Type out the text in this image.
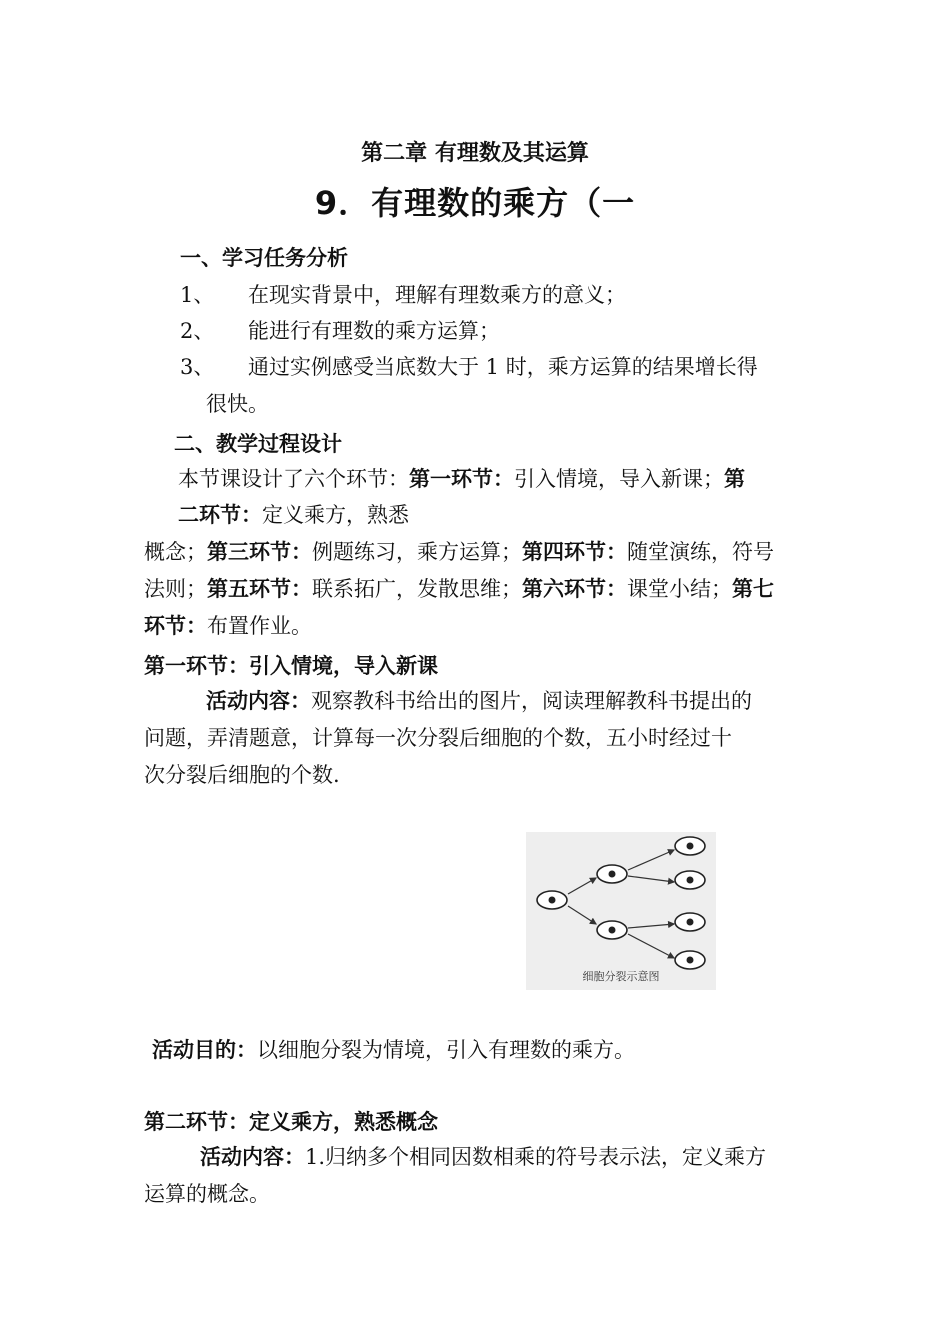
第二章 有理数及其运算
9．有理数的乘方（一
一、学习任务分析
1、 在现实背景中，理解有理数乘方的意义；
2、 能进行有理数的乘方运算；
3、 通过实例感受当底数大于 1 时，乘方运算的结果增长得
很快。
二、教学过程设计
本节课设计了六个环节：第一环节：引入情境，导入新课；第
二环节：定义乘方，熟悉
概念；第三环节：例题练习，乘方运算；第四环节：随堂演练，符号
法则；第五环节：联系拓广，发散思维；第六环节：课堂小结；第七
环节：布置作业。
第一环节：引入情境，导入新课
活动内容：观察教科书给出的图片，阅读理解教科书提出的
问题，弄清题意，计算每一次分裂后细胞的个数，五小时经过十
次分裂后细胞的个数.
细胞分裂示意图
活动目的：以细胞分裂为情境，引入有理数的乘方。
第二环节：定义乘方，熟悉概念
活动内容：1.归纳多个相同因数相乘的符号表示法，定义乘方
运算的概念。
